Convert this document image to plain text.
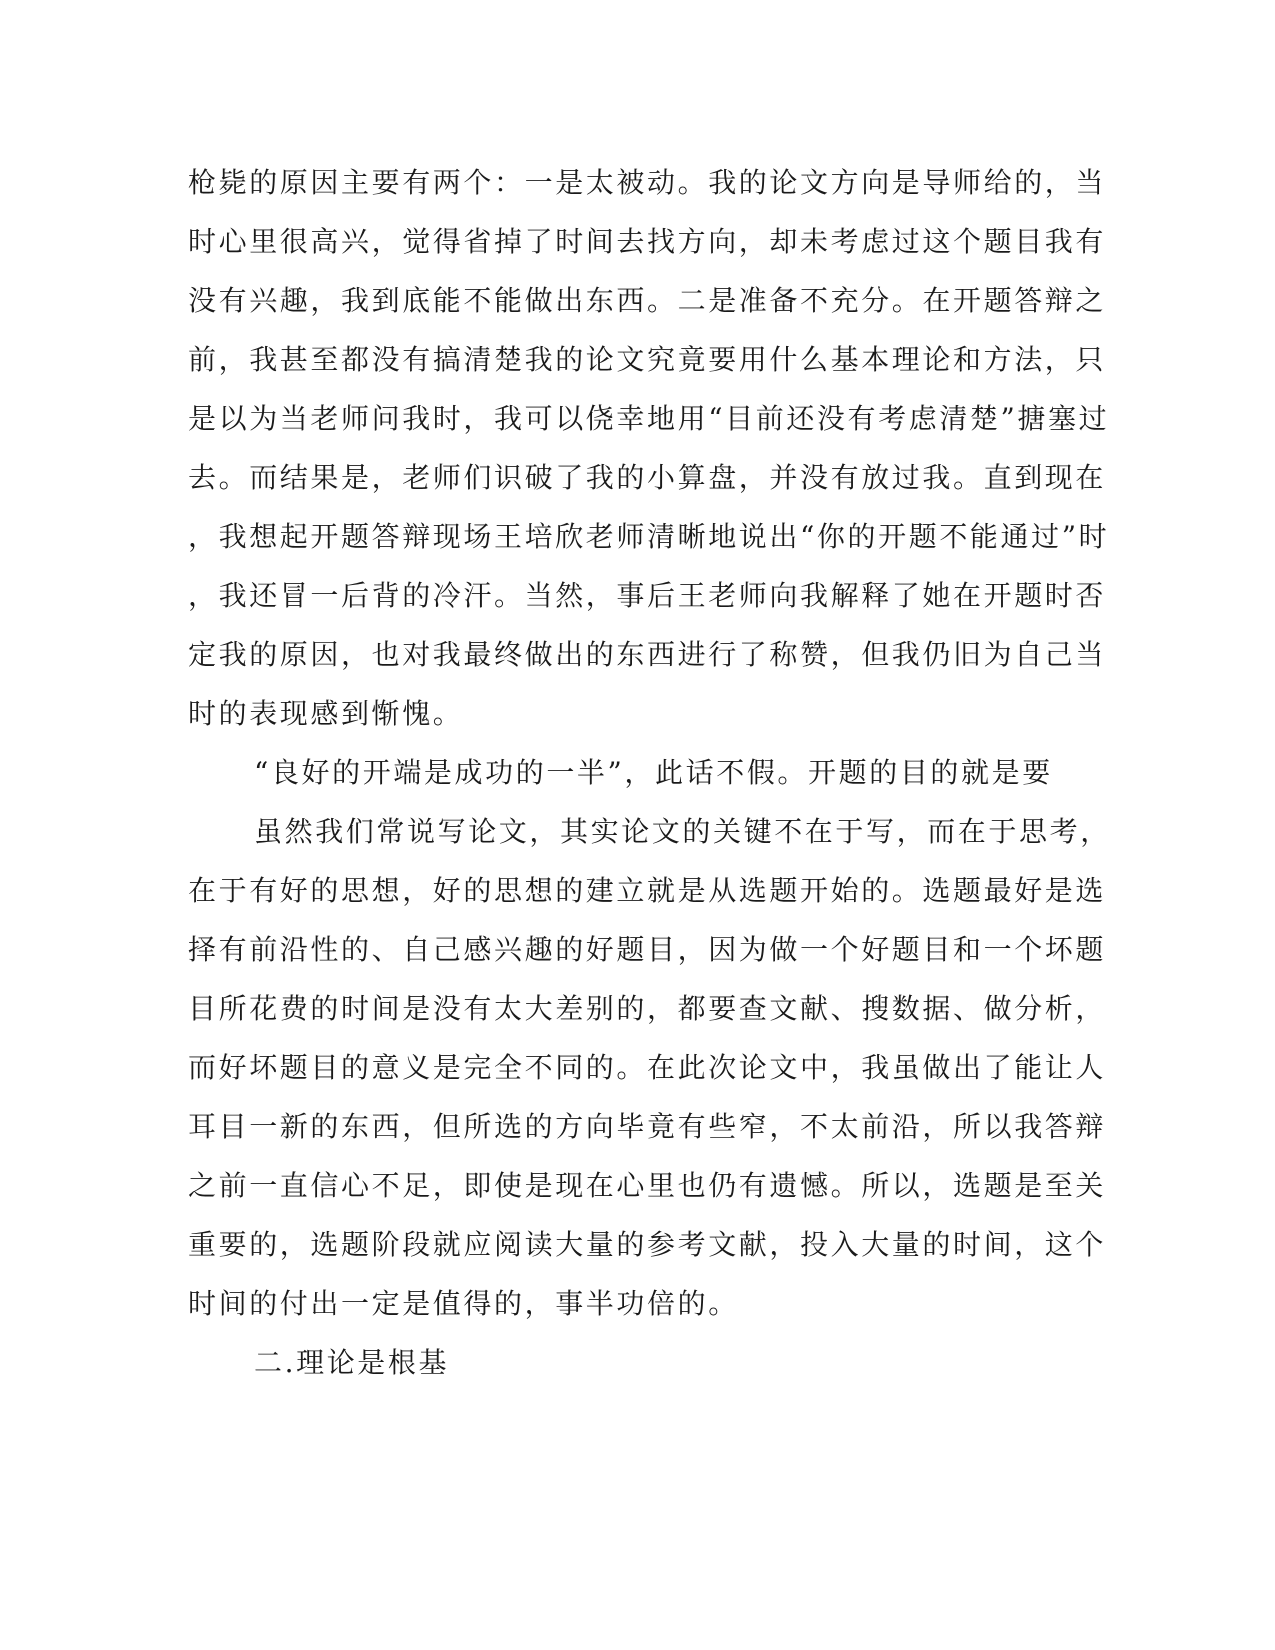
枪毙的原因主要有两个：一是太被动。我的论文方向是导师给的，当
时心里很高兴，觉得省掉了时间去找方向，却未考虑过这个题目我有
没有兴趣，我到底能不能做出东西。二是准备不充分。在开题答辩之
前，我甚至都没有搞清楚我的论文究竟要用什么基本理论和方法，只
是以为当老师问我时，我可以侥幸地用“目前还没有考虑清楚”搪塞过
去。而结果是，老师们识破了我的小算盘，并没有放过我。直到现在
，我想起开题答辩现场王培欣老师清晰地说出“你的开题不能通过”时
，我还冒一后背的冷汗。当然，事后王老师向我解释了她在开题时否
定我的原因，也对我最终做出的东西进行了称赞，但我仍旧为自己当
时的表现感到惭愧。
“良好的开端是成功的一半”，此话不假。开题的目的就是要
虽然我们常说写论文，其实论文的关键不在于写，而在于思考，
在于有好的思想，好的思想的建立就是从选题开始的。选题最好是选
择有前沿性的、自己感兴趣的好题目，因为做一个好题目和一个坏题
目所花费的时间是没有太大差别的，都要查文献、搜数据、做分析，
而好坏题目的意义是完全不同的。在此次论文中，我虽做出了能让人
耳目一新的东西，但所选的方向毕竟有些窄，不太前沿，所以我答辩
之前一直信心不足，即使是现在心里也仍有遗憾。所以，选题是至关
重要的，选题阶段就应阅读大量的参考文献，投入大量的时间，这个
时间的付出一定是值得的，事半功倍的。
二.理论是根基
